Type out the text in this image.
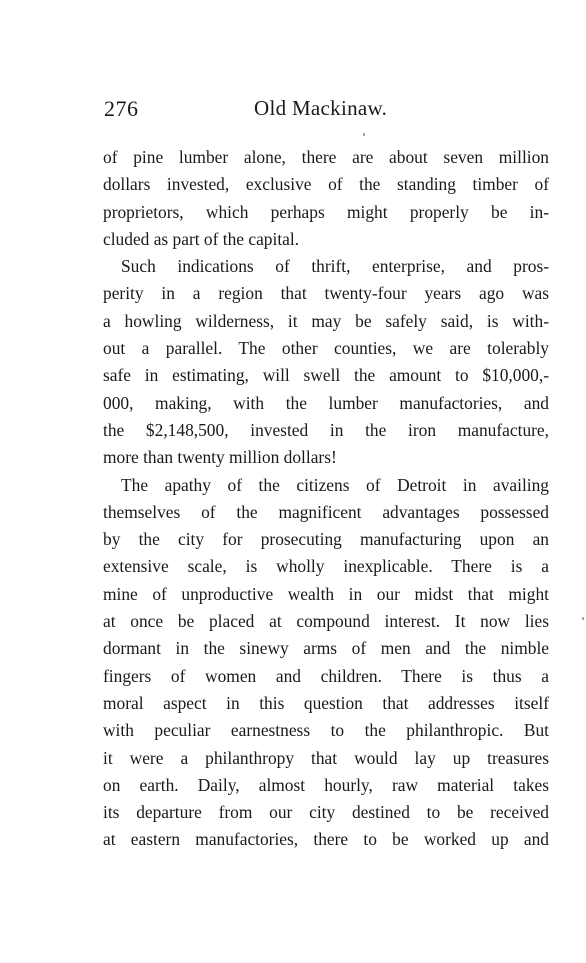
276	Old Mackinaw.
of pine lumber alone, there are about seven million
dollars invested, exclusive of the standing timber of
proprietors, which perhaps might properly be in-
cluded as part of the capital.
Such indications of thrift, enterprise, and pros-
perity in a region that twenty-four years ago was
a howling wilderness, it may be safely said, is with-
out a parallel. The other counties, we are tolerably
safe in estimating, will swell the amount to $10,000,-
000, making, with the lumber manufactories, and
the $2,148,500, invested in the iron manufacture,
more than twenty million dollars!
The apathy of the citizens of Detroit in availing
themselves of the magnificent advantages possessed
by the city for prosecuting manufacturing upon an
extensive scale, is wholly inexplicable. There is a
mine of unproductive wealth in our midst that might
at once be placed at compound interest. It now lies
dormant in the sinewy arms of men and the nimble
fingers of women and children. There is thus a
moral aspect in this question that addresses itself
with peculiar earnestness to the philanthropic. But
it were a philanthropy that would lay up treasures
on earth. Daily, almost hourly, raw material takes
its departure from our city destined to be received
at eastern manufactories, there to be worked up and
